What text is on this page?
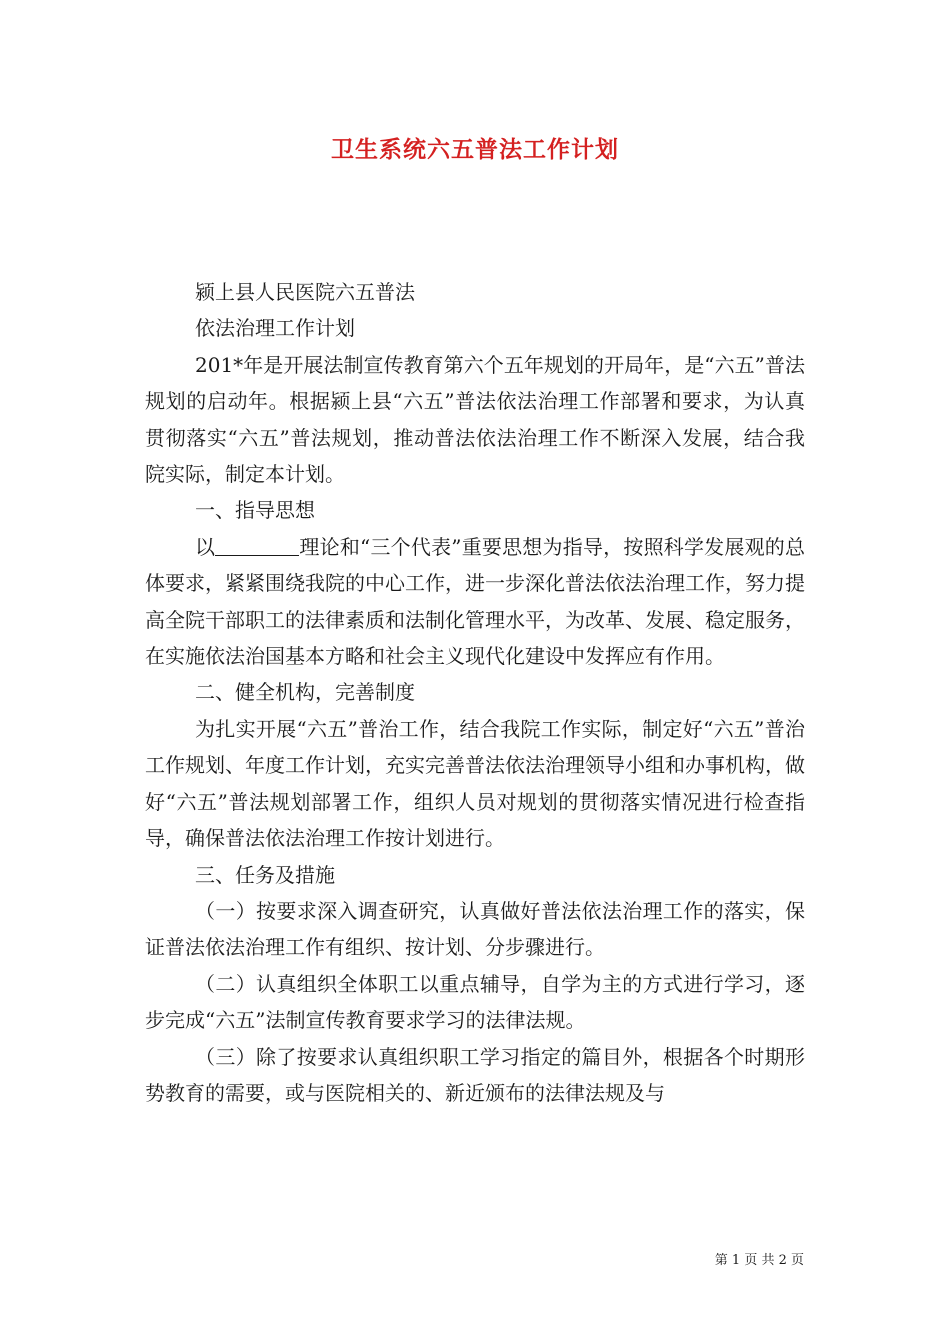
卫生系统六五普法工作计划

颍上县人民医院六五普法

依法治理工作计划

201*年是开展法制宣传教育第六个五年规划的开局年，是“六五”普法规划的启动年。根据颍上县“六五”普法依法治理工作部署和要求，为认真贯彻落实“六五”普法规划，推动普法依法治理工作不断深入发展，结合我院实际，制定本计划。

一、指导思想

以	理论和“三个代表”重要思想为指导，按照科学发展观的总体要求，紧紧围绕我院的中心工作，进一步深化普法依法治理工作，努力提高全院干部职工的法律素质和法制化管理水平，为改革、发展、稳定服务，在实施依法治国基本方略和社会主义现代化建设中发挥应有作用。

二、健全机构，完善制度

为扎实开展“六五”普治工作，结合我院工作实际，制定好“六五”普治工作规划、年度工作计划，充实完善普法依法治理领导小组和办事机构，做好“六五”普法规划部署工作，组织人员对规划的贯彻落实情况进行检查指导，确保普法依法治理工作按计划进行。

三、任务及措施

（一）按要求深入调查研究，认真做好普法依法治理工作的落实，保证普法依法治理工作有组织、按计划、分步骤进行。

（二）认真组织全体职工以重点辅导，自学为主的方式进行学习，逐步完成“六五”法制宣传教育要求学习的法律法规。

（三）除了按要求认真组织职工学习指定的篇目外，根据各个时期形势教育的需要，或与医院相关的、新近颁布的法律法规及与

第 1 页 共 2 页
